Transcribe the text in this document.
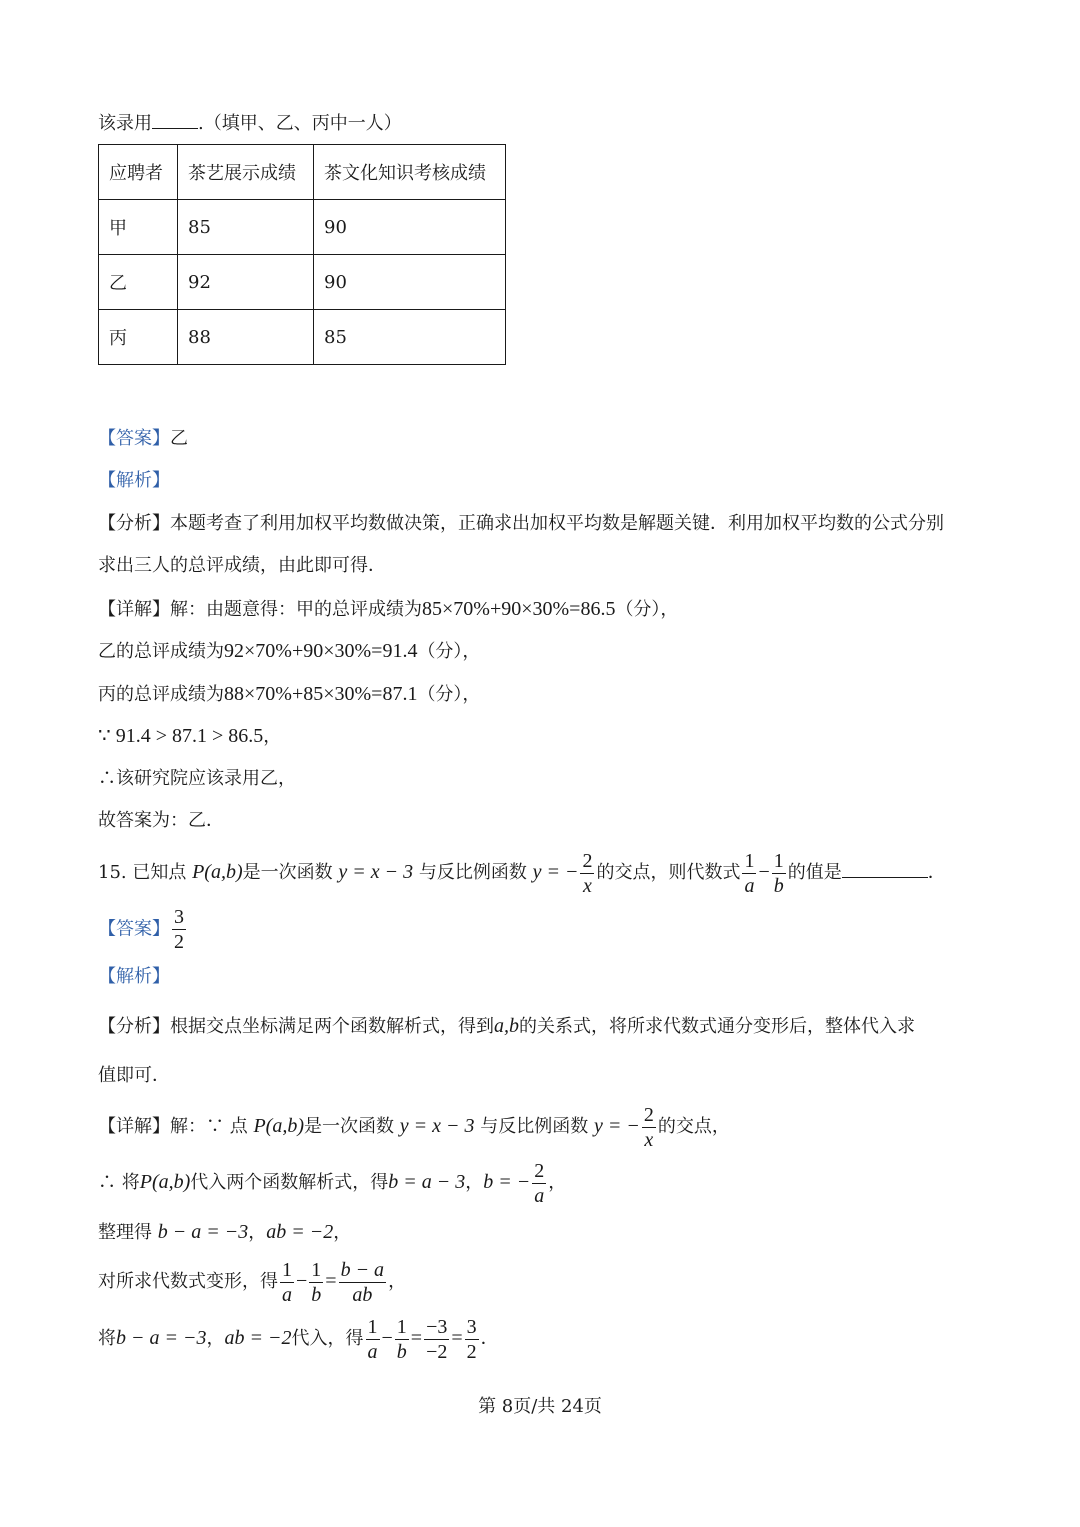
该录用	.（填甲、乙、丙中一人）
应聘者	茶艺展示成绩	茶文化知识考核成绩
甲	85	90
乙	92	90
丙	88	85
【答案】乙
【解析】
【分析】本题考查了利用加权平均数做决策，正确求出加权平均数是解题关键．利用加权平均数的公式分别
求出三人的总评成绩，由此即可得．
【详解】解：由题意得：甲的总评成绩为85×70%+90×30%=86.5（分），
乙的总评成绩为92×70%+90×30%=91.4（分），
丙的总评成绩为88×70%+85×30%=87.1（分），
∵ 91.4 > 87.1 > 86.5，
∴该研究院应该录用乙，
故答案为：乙．
15. 已知点 P(a,b)是一次函数 y = x − 3 与反比例函数 y = − $\frac{2}{x}$ 的交点，则代数式 $\frac{1}{a} - \frac{1}{b}$ 的值是	．
【答案】 $\frac{3}{2}$
【解析】
【分析】根据交点坐标满足两个函数解析式，得到a,b的关系式，将所求代数式通分变形后，整体代入求
值即可．
【详解】解：∵ 点 P(a,b)是一次函数 y = x − 3 与反比例函数 y = − $\frac{2}{x}$ 的交点，
∴ 将P(a,b)代入两个函数解析式，得b = a − 3，b = − $\frac{2}{a}$ ，
整理得 b − a = −3，ab = −2，
对所求代数式变形，得 $\frac{1}{a} - \frac{1}{b} = \frac{b - a}{ab}$ ，
将b − a = −3，ab = −2代入，得 $\frac{1}{a} - \frac{1}{b} = \frac{-3}{-2} = \frac{3}{2}$ ．
第 8页/共 24页
